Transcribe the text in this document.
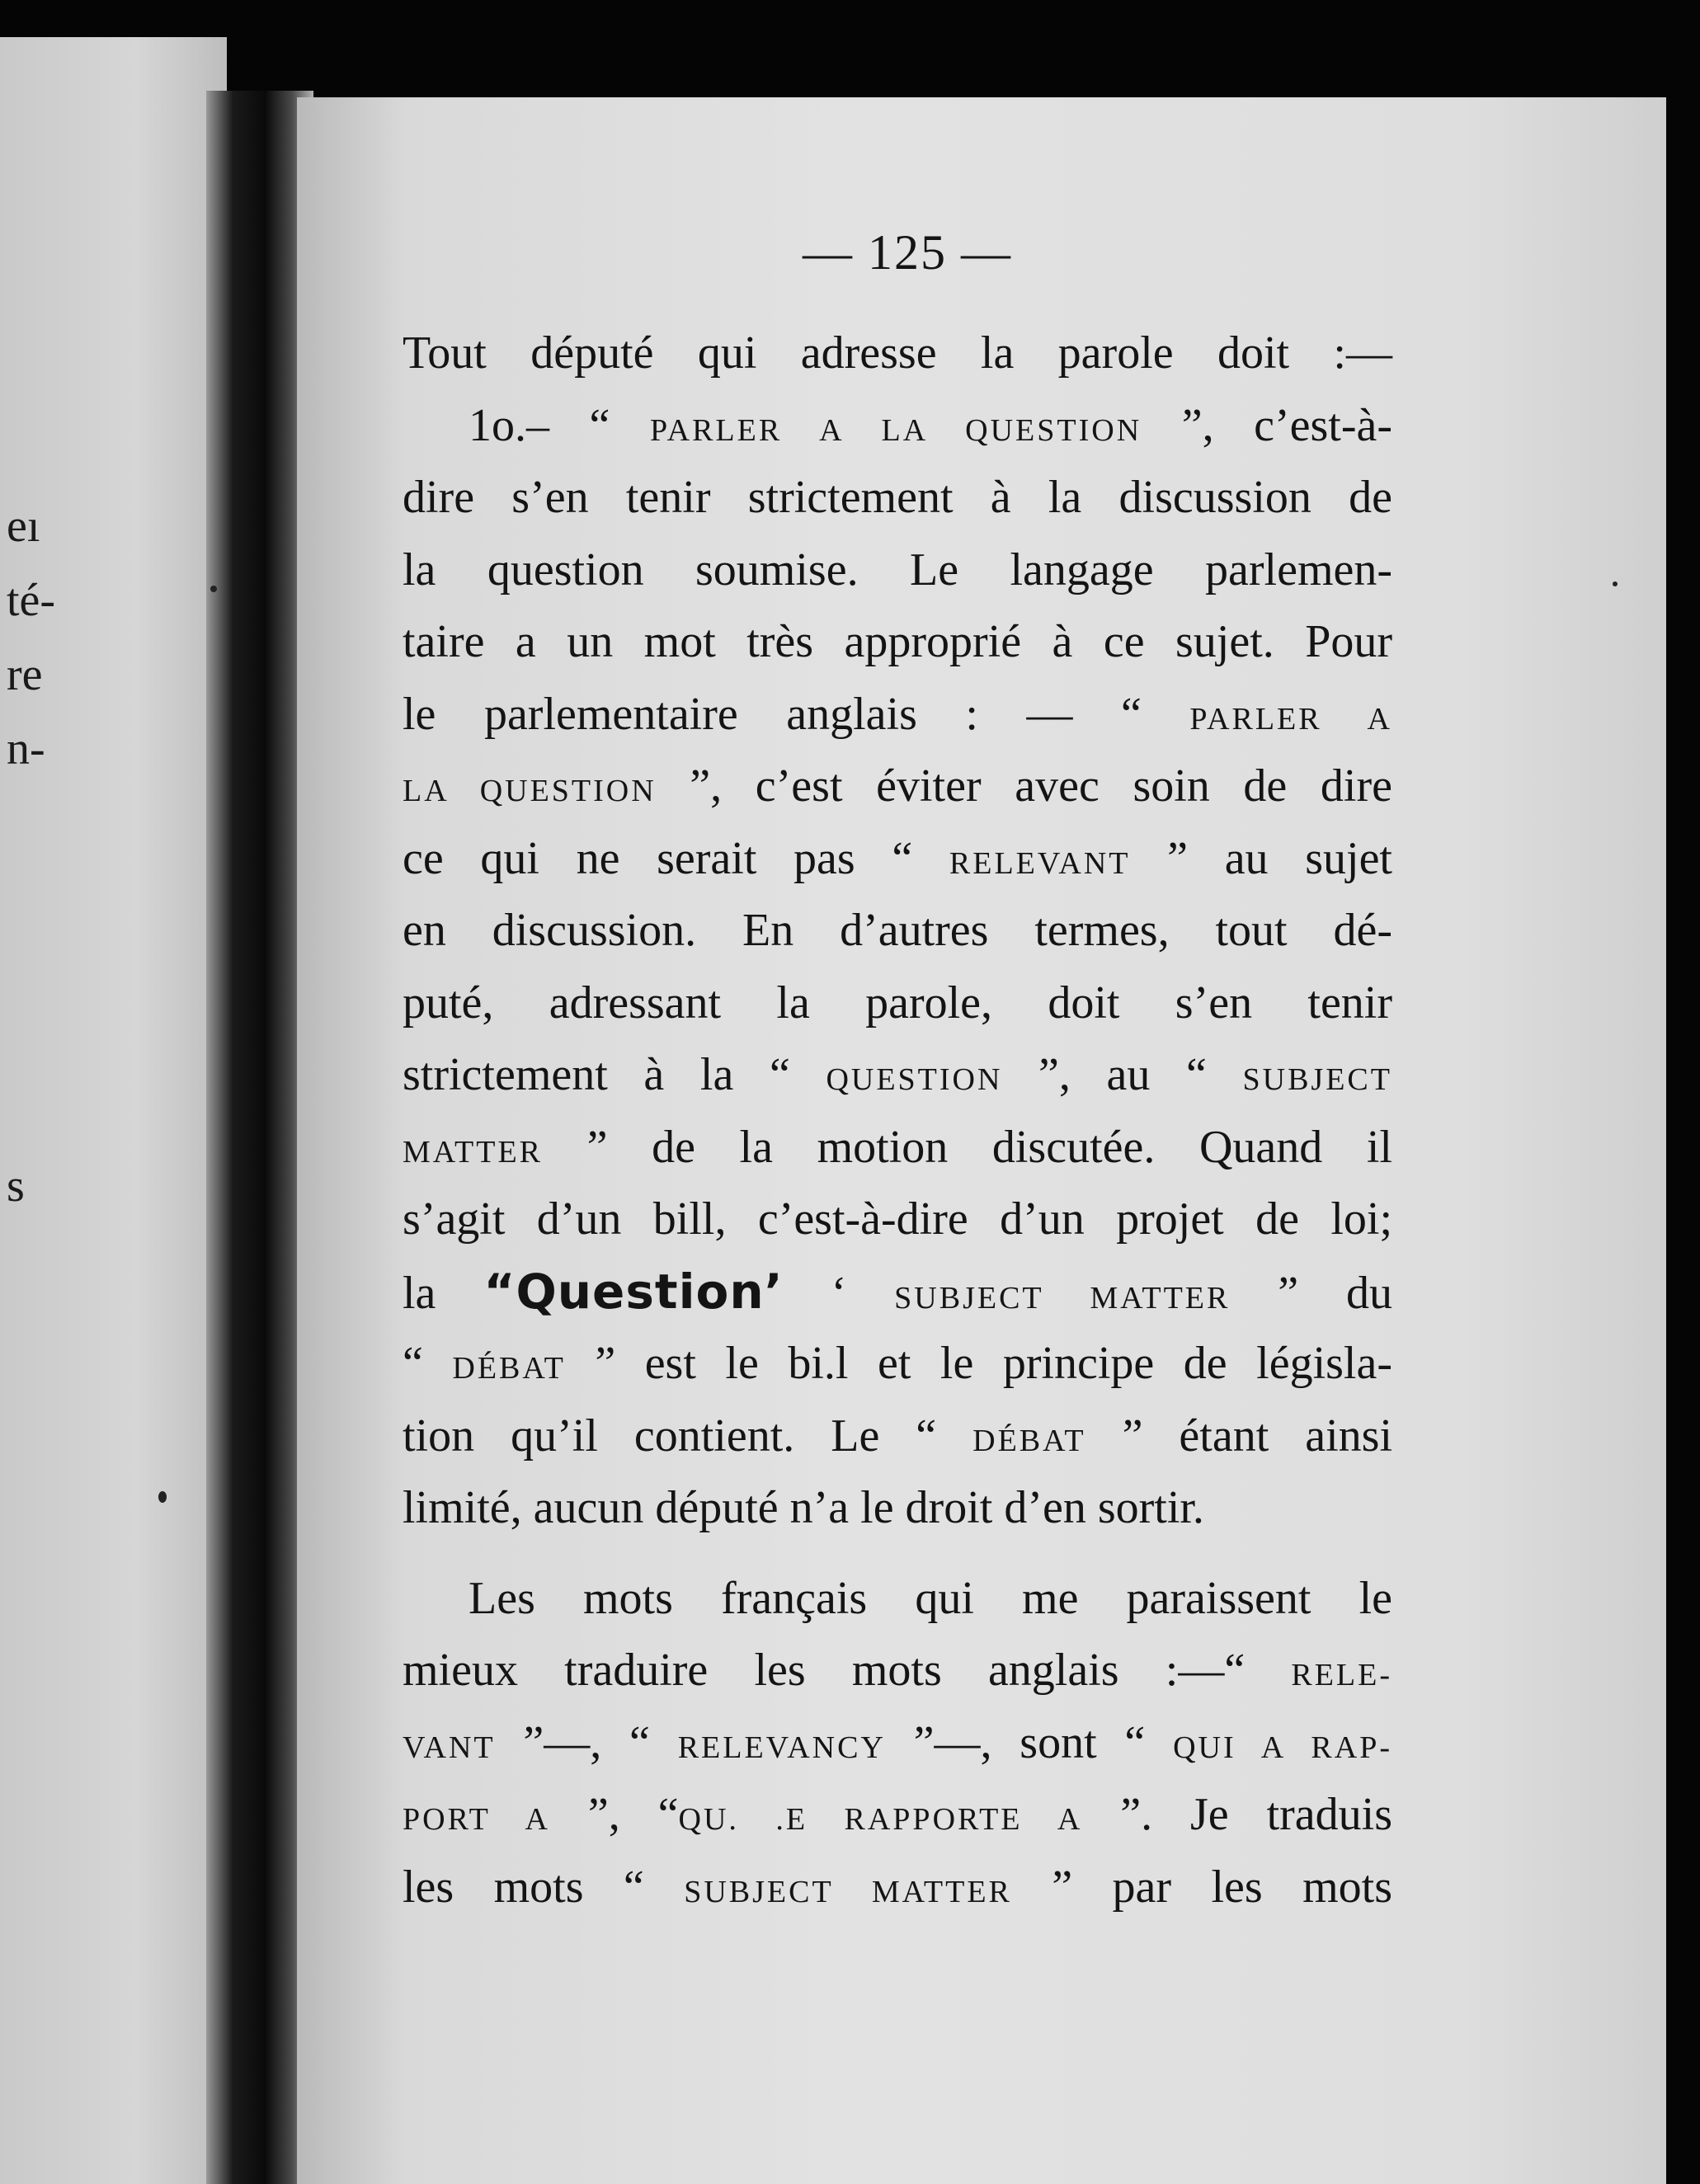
eı
té-
re
n-
s
— 125 —
Tout député qui adresse la parole doit :—
1o.– “ PARLER A LA QUESTION ”, c’est-à-
dire s’en tenir strictement à la discussion de
la question soumise. Le langage parlemen-
taire a un mot très approprié à ce sujet. Pour
le parlementaire anglais : — “ PARLER A
LA QUESTION ”, c’est éviter avec soin de dire
ce qui ne serait pas “ RELEVANT ” au sujet
en discussion. En d’autres termes, tout dé-
puté, adressant la parole, doit s’en tenir
strictement à la “ QUESTION ”, au “ SUBJECT
MATTER ” de la motion discutée. Quand il
s’agit d’un bill, c’est-à-dire d’un projet de loi;
la “Question’ ‘ SUBJECT MATTER ” du
“ DÉBAT ” est le bi.l et le principe de législa-
tion qu’il contient. Le “ DÉBAT ” étant ainsi
limité, aucun député n’a le droit d’en sortir.
Les mots français qui me paraissent le
mieux traduire les mots anglais :—“ RELE-
VANT ”—, “ RELEVANCY ”—, sont “ QUI A RAP-
PORT A ”, “QU. .E RAPPORTE A ”. Je traduis
les mots “ SUBJECT MATTER ” par les mots
